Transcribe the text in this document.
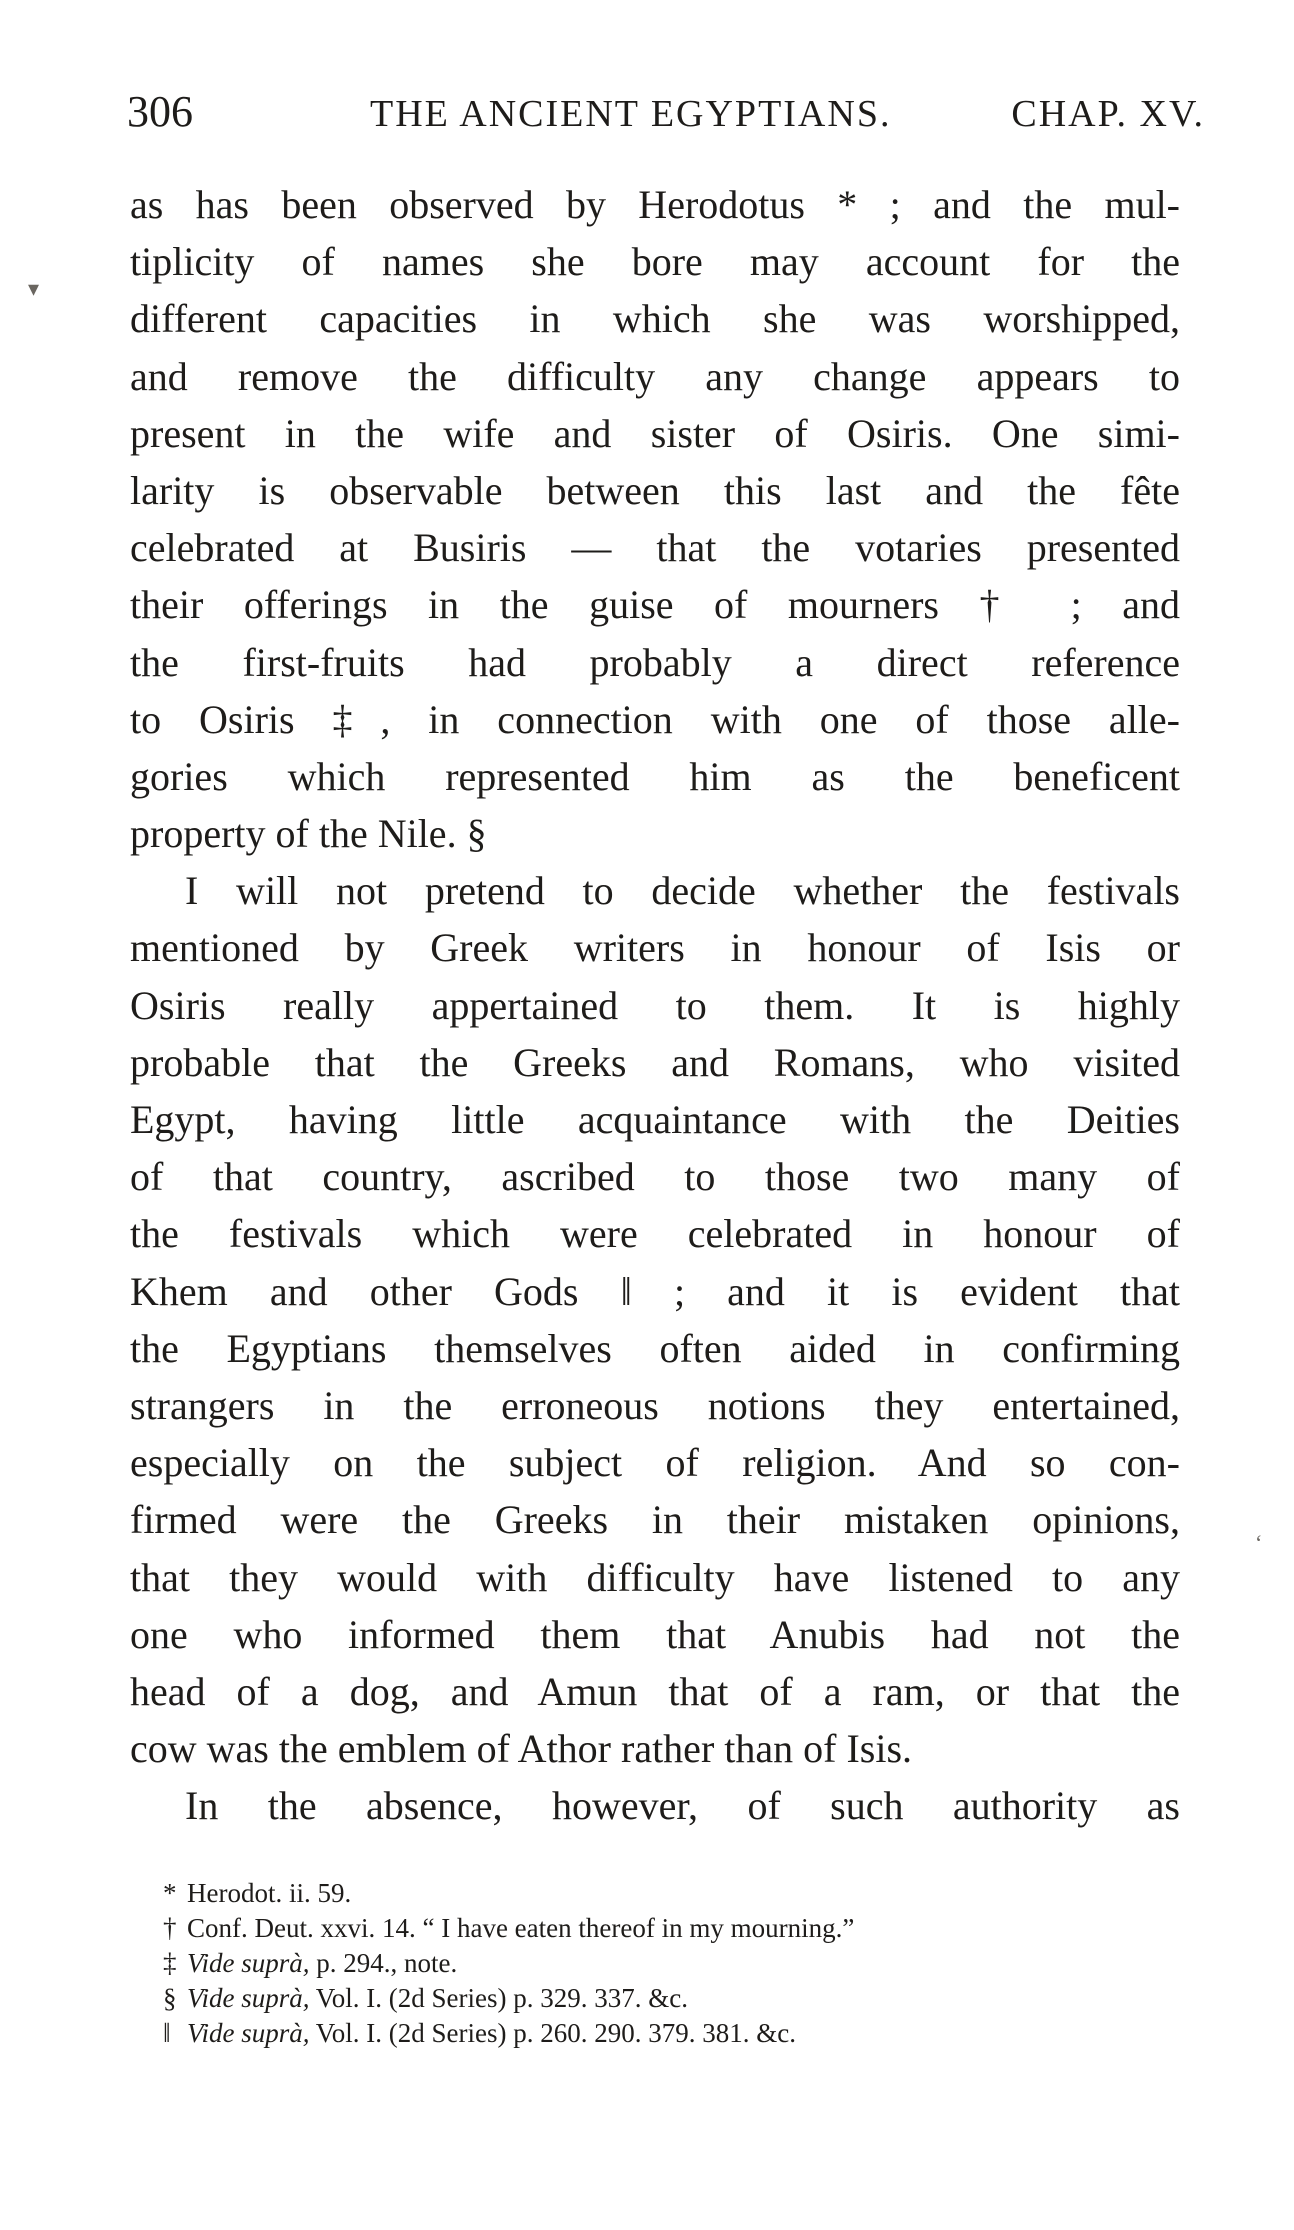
306	THE ANCIENT EGYPTIANS.	CHAP. XV.
▾
ʻ
as has been observed by Herodotus * ; and the mul-
tiplicity of names she bore may account for the
different capacities in which she was worshipped,
and remove the difficulty any change appears to
present in the wife and sister of Osiris. One simi-
larity is observable between this last and the fête
celebrated at Busiris — that the votaries presented
their offerings in the guise of mourners † ; and
the first-fruits had probably a direct reference
to Osiris ‡, in connection with one of those alle-
gories which represented him as the beneficent
property of the Nile. §
I will not pretend to decide whether the festivals
mentioned by Greek writers in honour of Isis or
Osiris really appertained to them. It is highly
probable that the Greeks and Romans, who visited
Egypt, having little acquaintance with the Deities
of that country, ascribed to those two many of
the festivals which were celebrated in honour of
Khem and other Gods ǁ ; and it is evident that
the Egyptians themselves often aided in confirming
strangers in the erroneous notions they entertained,
especially on the subject of religion. And so con-
firmed were the Greeks in their mistaken opinions,
that they would with difficulty have listened to any
one who informed them that Anubis had not the
head of a dog, and Amun that of a ram, or that the
cow was the emblem of Athor rather than of Isis.
In the absence, however, of such authority as
* Herodot. ii. 59.
† Conf. Deut. xxvi. 14. “ I have eaten thereof in my mourning.”
‡ Vide suprà, p. 294., note.
§ Vide suprà, Vol. I. (2d Series) p. 329. 337. &c.
ǁ Vide suprà, Vol. I. (2d Series) p. 260. 290. 379. 381. &c.
